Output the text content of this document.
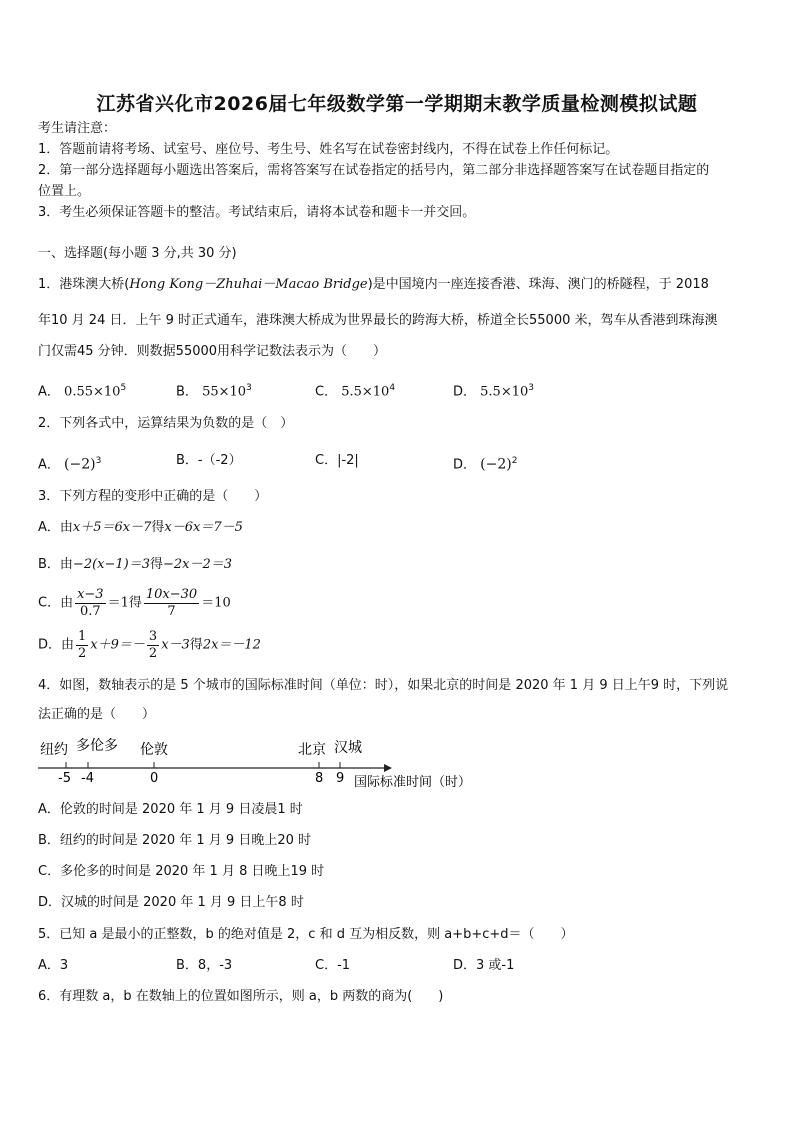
江苏省兴化市2026届七年级数学第一学期期末教学质量检测模拟试题
考生请注意：
1．答题前请将考场、试室号、座位号、考生号、姓名写在试卷密封线内，不得在试卷上作任何标记。
2．第一部分选择题每小题选出答案后，需将答案写在试卷指定的括号内，第二部分非选择题答案写在试卷题目指定的
位置上。
3．考生必须保证答题卡的整洁。考试结束后，请将本试卷和题卡一并交回。
一、选择题(每小题 3 分,共 30 分)
1．港珠澳大桥(Hong Kong－Zhuhai－Macao Bridge)是中国境内一座连接香港、珠海、澳门的桥隧程，于 2018
年10 月 24 日．上午 9 时正式通车，港珠澳大桥成为世界最长的跨海大桥，桥道全长55000 米，驾车从香港到珠海澳
门仅需45 分钟．则数据55000用科学记数法表示为（　　）
A． $0.55\times 10^5$	B． $55\times 10^3$	C． $5.5\times 10^4$	D． $5.5\times 10^3$
2．下列各式中，运算结果为负数的是（　）
A． $(-2)^3$	B．-（-2）	C．|-2|	D． $(-2)^2$
3．下列方程的变形中正确的是（　　）
A．由x＋5＝6x－7得x－6x＝7－5
B．由−2(x−1)＝3得−2x－2＝3
C．由 $\frac{x-3}{0.7} =1$得 $\frac{10x-30}{7} =10$
D．由 $\frac{1}{2} x+9=- \frac{3}{2} x-3$得2x＝－12
4．如图，数轴表示的是 5 个城市的国际标准时间（单位：时），如果北京的时间是 2020 年 1 月 9 日上午9 时，下列说
法正确的是（　　）
纽约 多伦多 伦敦	北京 汉城
-5 -4	0	8 9 国际标准时间（时）
A．伦敦的时间是 2020 年 1 月 9 日凌晨1 时
B．纽约的时间是 2020 年 1 月 9 日晚上20 时
C．多伦多的时间是 2020 年 1 月 8 日晚上19 时
D．汉城的时间是 2020 年 1 月 9 日上午8 时
5．已知 a 是最小的正整数，b 的绝对值是 2，c 和 d 互为相反数，则 a+b+c+d＝（　　）
A．3	B．8，-3	C．-1	D．3 或-1
6．有理数 a，b 在数轴上的位置如图所示，则 a，b 两数的商为(　　)
